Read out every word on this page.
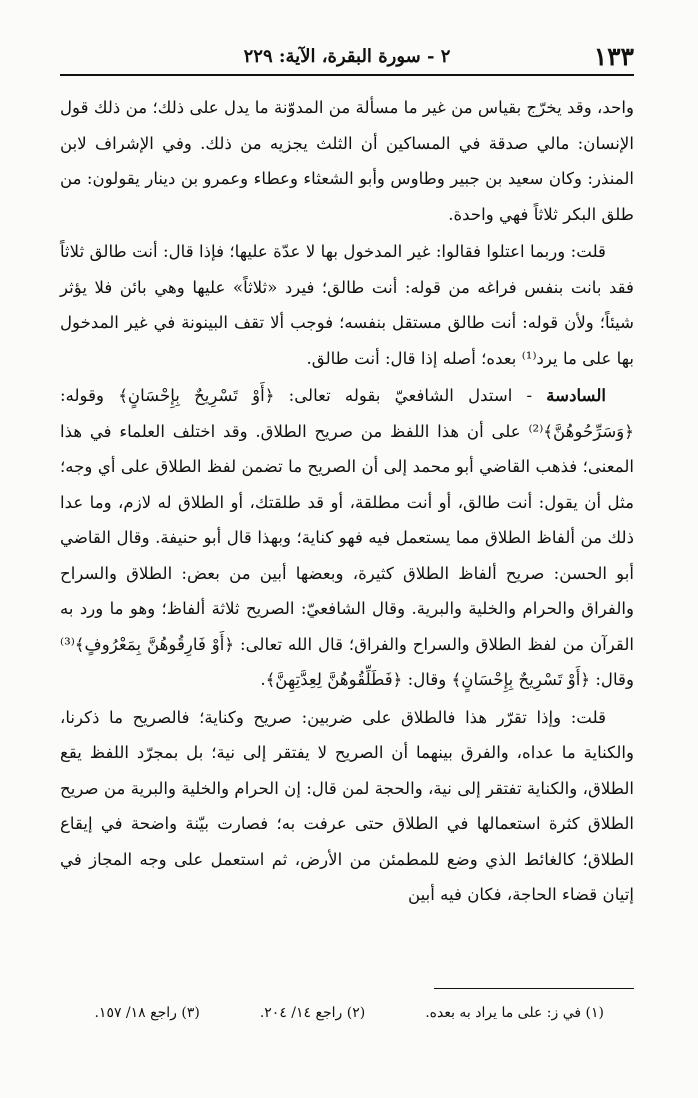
١٣٣
٢ - سورة البقرة، الآية: ٢٢٩

واحد، وقد يخرّج بقياس من غير ما مسألة من المدوّنة ما يدل على ذلك؛ من ذلك قول الإنسان: مالي صدقة في المساكين أن الثلث يجزيه من ذلك. وفي الإشراف لابن المنذر: وكان سعيد بن جبير وطاوس وأبو الشعثاء وعطاء وعمرو بن دينار يقولون: من طلق البكر ثلاثاً فهي واحدة.

قلت: وربما اعتلوا فقالوا: غير المدخول بها لا عدّة عليها؛ فإذا قال: أنت طالق ثلاثاً فقد بانت بنفس فراغه من قوله: أنت طالق؛ فيرد «ثلاثاً» عليها وهي بائن فلا يؤثر شيئاً؛ ولأن قوله: أنت طالق مستقل بنفسه؛ فوجب ألا تقف البينونة في غير المدخول بها على ما يرد⁽¹⁾ بعده؛ أصله إذا قال: أنت طالق.

السادسة - استدل الشافعيّ بقوله تعالى: ﴿أَوْ تَسْرِيحٌ بِإِحْسَانٍ﴾ وقوله: ﴿وَسَرِّحُوهُنَّ﴾⁽²⁾ على أن هذا اللفظ من صريح الطلاق. وقد اختلف العلماء في هذا المعنى؛ فذهب القاضي أبو محمد إلى أن الصريح ما تضمن لفظ الطلاق على أي وجه؛ مثل أن يقول: أنت طالق، أو أنت مطلقة، أو قد طلقتك، أو الطلاق له لازم، وما عدا ذلك من ألفاظ الطلاق مما يستعمل فيه فهو كناية؛ وبهذا قال أبو حنيفة. وقال القاضي أبو الحسن: صريح ألفاظ الطلاق كثيرة، وبعضها أبين من بعض: الطلاق والسراح والفراق والحرام والخلية والبرية. وقال الشافعيّ: الصريح ثلاثة ألفاظ؛ وهو ما ورد به القرآن من لفظ الطلاق والسراح والفراق؛ قال الله تعالى: ﴿أَوْ فَارِقُوهُنَّ بِمَعْرُوفٍ﴾⁽³⁾ وقال: ﴿أَوْ تَسْرِيحٌ بِإِحْسَانٍ﴾ وقال: ﴿فَطَلِّقُوهُنَّ لِعِدَّتِهِنَّ﴾.

قلت: وإذا تقرّر هذا فالطلاق على ضربين: صريح وكناية؛ فالصريح ما ذكرنا، والكناية ما عداه، والفرق بينهما أن الصريح لا يفتقر إلى نية؛ بل بمجرّد اللفظ يقع الطلاق، والكناية تفتقر إلى نية، والحجة لمن قال: إن الحرام والخلية والبرية من صريح الطلاق كثرة استعمالها في الطلاق حتى عرفت به؛ فصارت بيّنة واضحة في إيقاع الطلاق؛ كالغائط الذي وضع للمطمئن من الأرض، ثم استعمل على وجه المجاز في إتيان قضاء الحاجة، فكان فيه أبين

(١) في ز: على ما يراد به بعده.
(٢) راجع ١٤/ ٢٠٤.
(٣) راجع ١٨/ ١٥٧.
